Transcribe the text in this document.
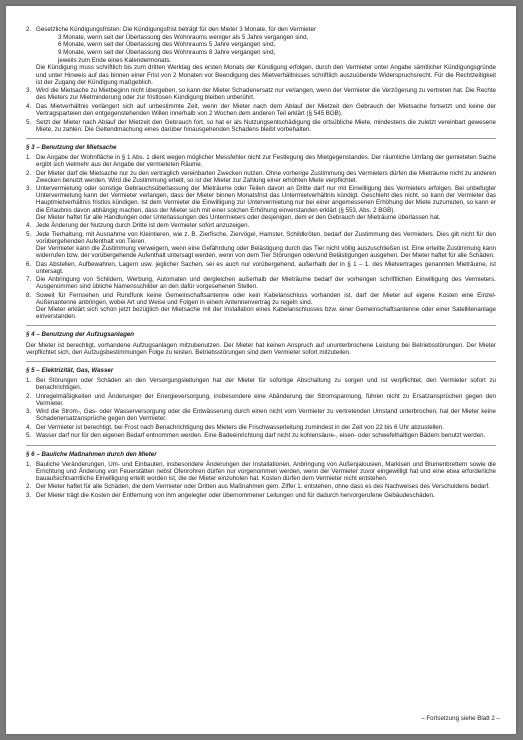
2. Gesetzliche Kündigungsfristen: Die Kündigungsfrist beträgt für den Mieter 3 Monate, für den Vermieter
3 Monate, wenn seit der Überlassung des Wohnraums weniger als 5 Jahre vergangen sind,
6 Monate, wenn seit der Überlassung des Wohnraums 5 Jahre vergangen sind,
9 Monate, wenn seit der Überlassung des Wohnraums 8 Jahre vergangen sind,
jeweils zum Ende eines Kalendermonats.
Die Kündigung muss schriftlich bis zum dritten Werktag des ersten Monats der Kündigung erfolgen, durch den Vermieter unter Angabe sämtlicher Kündigungsgründe und unter Hinweis auf das binnen einer Frist von 2 Monaten vor Beendigung des Mietverhältnisses schriftlich auszuübende Widerspruchsrecht. Für die Rechtzeitigkeit ist der Zugang der Kündigung maßgeblich.
3. Wird die Mietsache zu Mietbeginn nicht übergeben, so kann der Mieter Schadenersatz nur verlangen, wenn der Vermieter die Verzögerung zu vertreten hat. Die Rechte des Mieters zur Mietminderung oder zur fristlosen Kündigung bleiben unberührt.
4. Das Mietverhältnis verlängert sich auf unbestimmte Zeit, wenn der Mieter nach dem Ablauf der Mietzeit den Gebrauch der Mietsache fortsetzt und keine der Vertragsparteien den entgegenstehenden Willen innerhalb von 2 Wochen dem anderen Teil erklärt (§ 545 BGB).
5. Setzt der Mieter nach Ablauf der Mietzeit den Gebrauch fort, so hat er als Nutzungsentschädigung die ortsübliche Miete, mindestens die zuletzt vereinbart gewesene Miete, zu zahlen. Die Geltendmachung eines darüber hinausgehenden Schadens bleibt vorbehalten.
§ 3 – Benutzung der Mietsache
1. Die Angabe der Wohnfläche in § 1 Abs. 1 dient wegen möglicher Messfehler nicht zur Festlegung des Mietgegenstandes. Der räumliche Umfang der gemieteten Sache ergibt sich vielmehr aus der Angabe der vermieteten Räume.
2. Der Mieter darf die Mietsache nur zu den vertraglich vereinbarten Zwecken nutzen. Ohne vorherige Zustimmung des Vermieters dürfen die Mieträume nicht zu anderen Zwecken benutzt werden. Wird die Zustimmung erteilt, so ist der Mieter zur Zahlung einer erhöhten Miete verpflichtet.
3. Untervermietung oder sonstige Gebrauchsüberlassung der Mieträume oder Teilen davon an Dritte darf nur mit Einwilligung des Vermieters erfolgen. Bei unbefugter Untervermietung kann der Vermieter verlangen, dass der Mieter binnen Monatsfrist das Untermietverhältnis kündigt. Geschieht dies nicht, so kann der Vermieter das Hauptmietverhältnis fristlos kündigen. Ist dem Vermieter die Einwilligung zur Untervermietung nur bei einer angemessenen Erhöhung der Miete zuzumuten, so kann er die Erlaubnis davon abhängig machen, dass der Mieter sich mit einer solchen Erhöhung einverstanden erklärt (§ 553, Abs. 2 BGB).
Der Mieter haftet für alle Handlungen oder Unterlassungen des Untermieters oder desjenigen, dem er den Gebrauch der Mieträume überlassen hat.
4. Jede Änderung der Nutzung durch Dritte ist dem Vermieter sofort anzuzeigen.
5. Jede Tierhaltung, mit Ausnahme von Kleintieren, wie z. B. Zierfische, Ziervögel, Hamster, Schildkröten, bedarf der Zustimmung des Vermieters. Dies gilt nicht für den vorübergehenden Aufenthalt von Tieren.
Der Vermieter kann die Zustimmung verweigern, wenn eine Gefährdung oder Belästigung durch das Tier nicht völlig auszuschließen ist. Eine erteilte Zustimmung kann widerrufen bzw. der vorübergehende Aufenthalt untersagt werden, wenn von dem Tier Störungen oder/und Belästigungen ausgehen. Der Mieter haftet für alle Schäden.
6. Das Abstellen, Aufbewahren, Lagern usw. jeglicher Sachen, sei es auch nur vorübergehend, außerhalb der in § 1 – 1. des Mietvertrages genannten Mieträume, ist untersagt.
7. Die Anbringung von Schildern, Werbung, Automaten und dergleichen außerhalb der Mieträume bedarf der vorherigen schriftlichen Einwilligung des Vermieters. Ausgenommen sind übliche Namensschilder an den dafür vorgesehenen Stellen.
8. Soweit für Fernsehen und Rundfunk keine Gemeinschaftsantenne oder kein Kabelanschluss vorhanden ist, darf der Mieter auf eigene Kosten eine Einzel-Außenantenne anbringen, wobei Art und Weise und Folgen in einem Antennenvertrag zu regeln sind.
Der Mieter erklärt sich schon jetzt bezüglich der Mietsache mit der Installation eines Kabelanschlusses bzw. einer Gemeinschaftsantenne oder einer Satellitenanlage einverstanden.
§ 4 – Benutzung der Aufzugsanlagen
Der Mieter ist berechtigt, vorhandene Aufzugsanlagen mitzubenutzen. Der Mieter hat keinen Anspruch auf ununterbrochene Leistung bei Betriebsstörungen. Der Mieter verpflichtet sich, den Aufzugsbestimmungen Folge zu leisten. Betriebsstörungen sind dem Vermieter sofort mitzuteilen.
§ 5 – Elektrizität, Gas, Wasser
1. Bei Störungen oder Schäden an den Versorgungsleitungen hat der Mieter für sofortige Abschaltung zu sorgen und ist verpflichtet, den Vermieter sofort zu benachrichtigen.
2. Unregelmäßigkeiten und Änderungen der Energieversorgung, insbesondere eine Abänderung der Stromspannung, führen nicht zu Ersatzansprüchen gegen den Vermieter.
3. Wird die Strom-, Gas- oder Wasserversorgung oder die Entwässerung durch einen nicht vom Vermieter zu vertretenden Umstand unterbrochen, hat der Mieter keine Schadenersatzansprüche gegen den Vermieter.
4. Der Vermieter ist berechtigt, bei Frost nach Benachrichtigung des Mieters die Frischwasserleitung zumindest in der Zeit von 22 bis 6 Uhr abzustellen.
5. Wasser darf nur für den eigenen Bedarf entnommen werden. Eine Badeeinrichtung darf nicht zu kohlensäure-, eisen- oder schwefelhaltigen Bädern benutzt werden.
§ 6 – Bauliche Maßnahmen durch den Mieter
1. Bauliche Veränderungen, Um- und Einbauten, insbesondere Änderungen der Installationen, Anbringung von Außenjalousien, Markisen und Blumenbrettern sowie die Errichtung und Änderung von Feuerstätten nebst Ofenrohren dürfen nur vorgenommen werden, wenn der Vermieter zuvor eingewilligt hat und eine etwa erforderliche bauaufsichtsamtliche Einwilligung erteilt worden ist, die der Mieter einzuholen hat. Kosten dürfen dem Vermieter nicht entstehen.
2. Der Mieter haftet für alle Schäden, die dem Vermieter oder Dritten aus Maßnahmen gem. Ziffer 1. entstehen, ohne dass es des Nachweises des Verschuldens bedarf.
3. Der Mieter trägt die Kosten der Entfernung von ihm angelegter oder übernommener Leitungen und für dadurch hervorgerufene Gebäudeschäden.
– Fortsetzung siehe Blatt 2 –
